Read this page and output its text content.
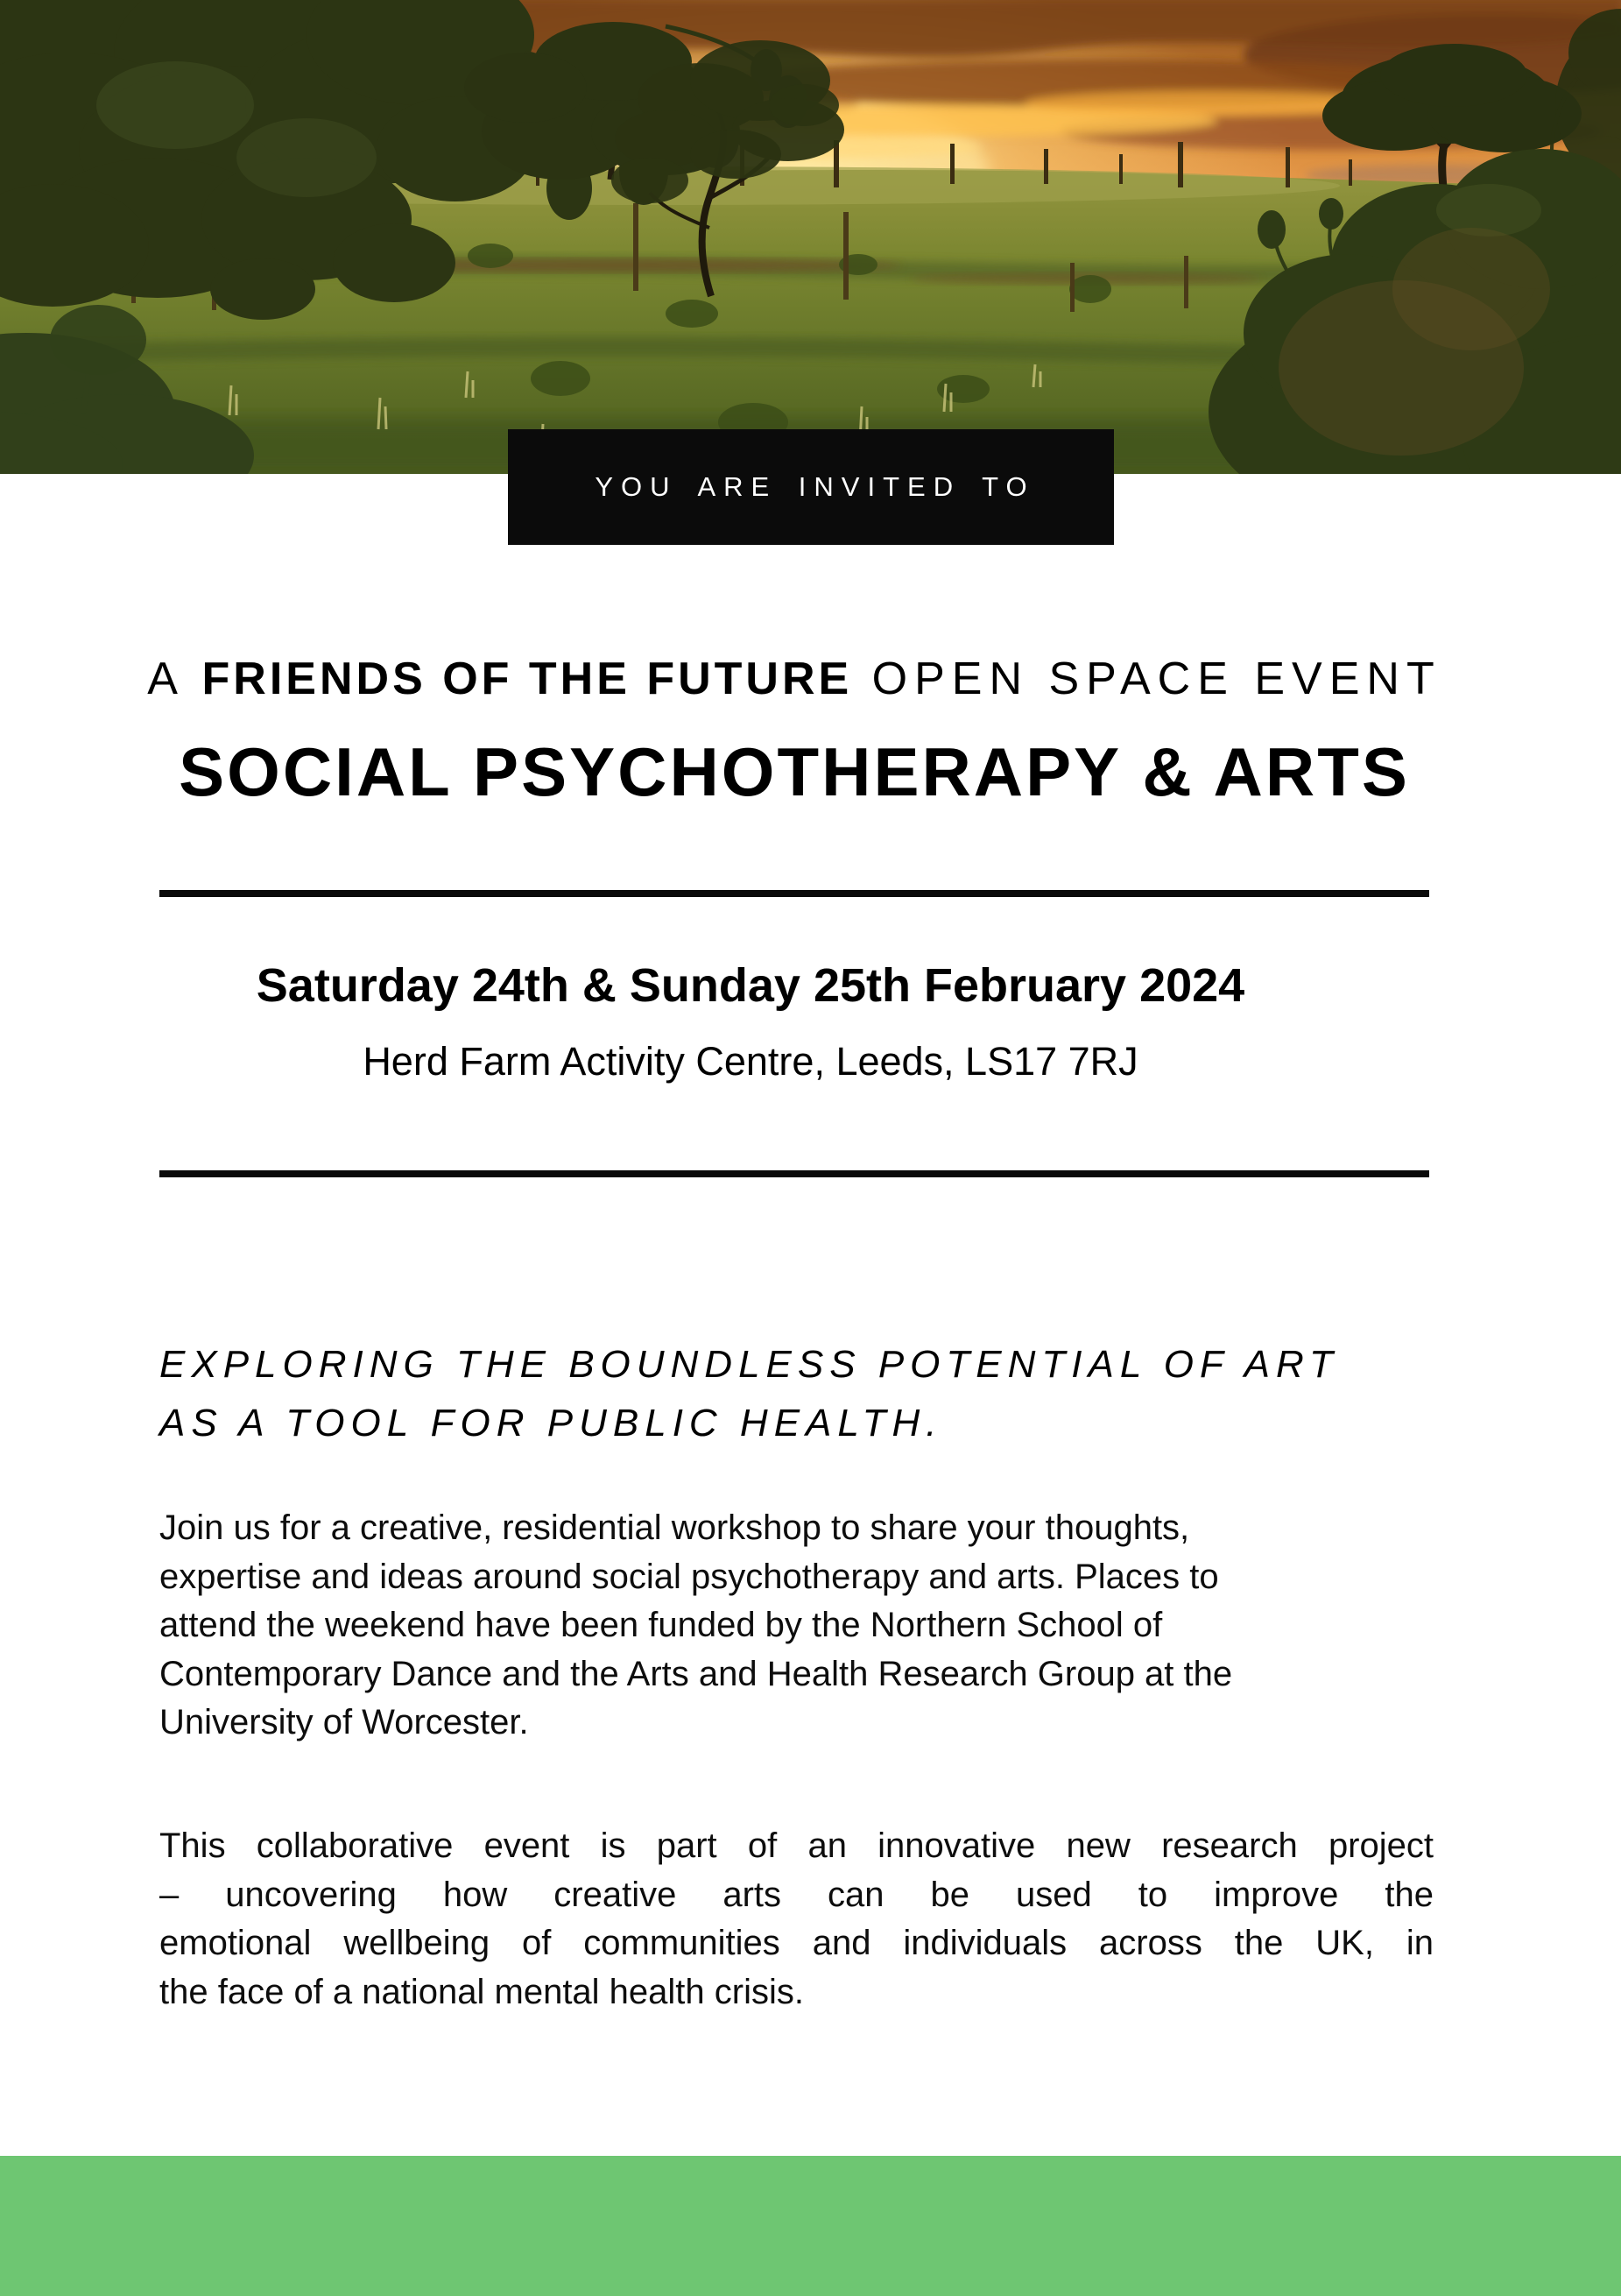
YOU ARE INVITED TO
A FRIENDS OF THE FUTURE OPEN SPACE EVENT
SOCIAL PSYCHOTHERAPY & ARTS
Saturday 24th & Sunday 25th February 2024
Herd Farm Activity Centre, Leeds, LS17 7RJ
EXPLORING THE BOUNDLESS POTENTIAL OF ART
AS A TOOL FOR PUBLIC HEALTH.
Join us for a creative, residential workshop to share your thoughts,
expertise and ideas around social psychotherapy and arts. Places to
attend the weekend have been funded by the Northern School of
Contemporary Dance and the Arts and Health Research Group at the
University of Worcester.
This collaborative event is part of an innovative new research project
– uncovering how creative arts can be used to improve the
emotional wellbeing of communities and individuals across the UK, in
the face of a national mental health crisis.
